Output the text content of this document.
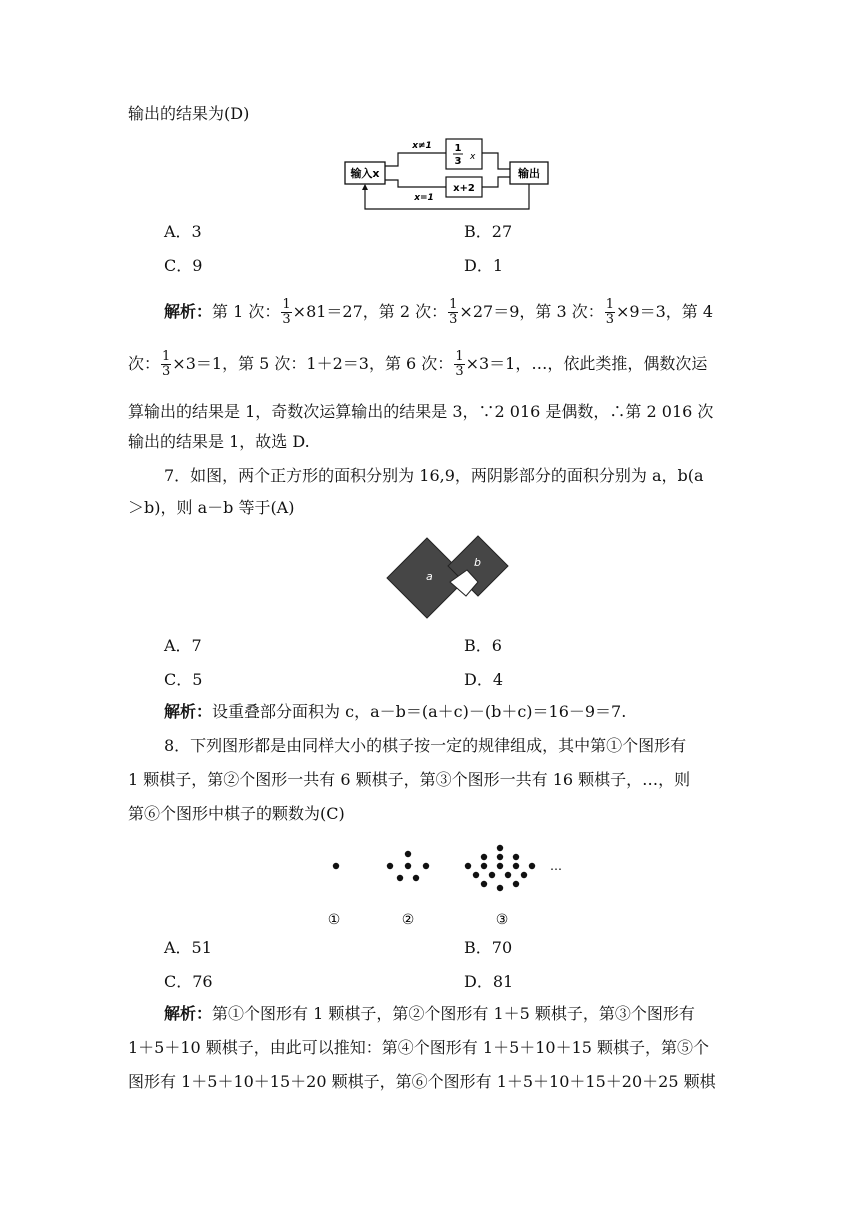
输出的结果为(D)
输入x	输出
1
3 x
x+2
x≠1
x=1
A．3	B．27
C．9	D．1
解析：第 1 次： $\frac{1}{3} \times 81=27$，第 2 次： $\frac{1}{3} \times 27=9$，第 3 次： $\frac{1}{3} \times 9=3$，第 4
次： $\frac{1}{3} \times 3=1$，第 5 次：1＋2＝3，第 6 次： $\frac{1}{3} \times 3=1$，…，依此类推，偶数次运
算输出的结果是 1，奇数次运算输出的结果是 3，∵2 016 是偶数，∴第 2 016 次
输出的结果是 1，故选 D.
7．如图，两个正方形的面积分别为 16,9，两阴影部分的面积分别为 a，b(a
＞b)，则 a－b 等于(A)
a
b
A．7	B．6
C．5	D．4
解析：设重叠部分面积为 c，a－b＝(a＋c)－(b＋c)＝16－9＝7.
8．下列图形都是由同样大小的棋子按一定的规律组成，其中第①个图形有
1 颗棋子，第②个图形一共有 6 颗棋子，第③个图形一共有 16 颗棋子，…，则
第⑥个图形中棋子的颗数为(C)
…
①	②	③
A．51	B．70
C．76	D．81
解析：第①个图形有 1 颗棋子，第②个图形有 1＋5 颗棋子，第③个图形有
1＋5＋10 颗棋子，由此可以推知：第④个图形有 1＋5＋10＋15 颗棋子，第⑤个
图形有 1＋5＋10＋15＋20 颗棋子，第⑥个图形有 1＋5＋10＋15＋20＋25 颗棋
